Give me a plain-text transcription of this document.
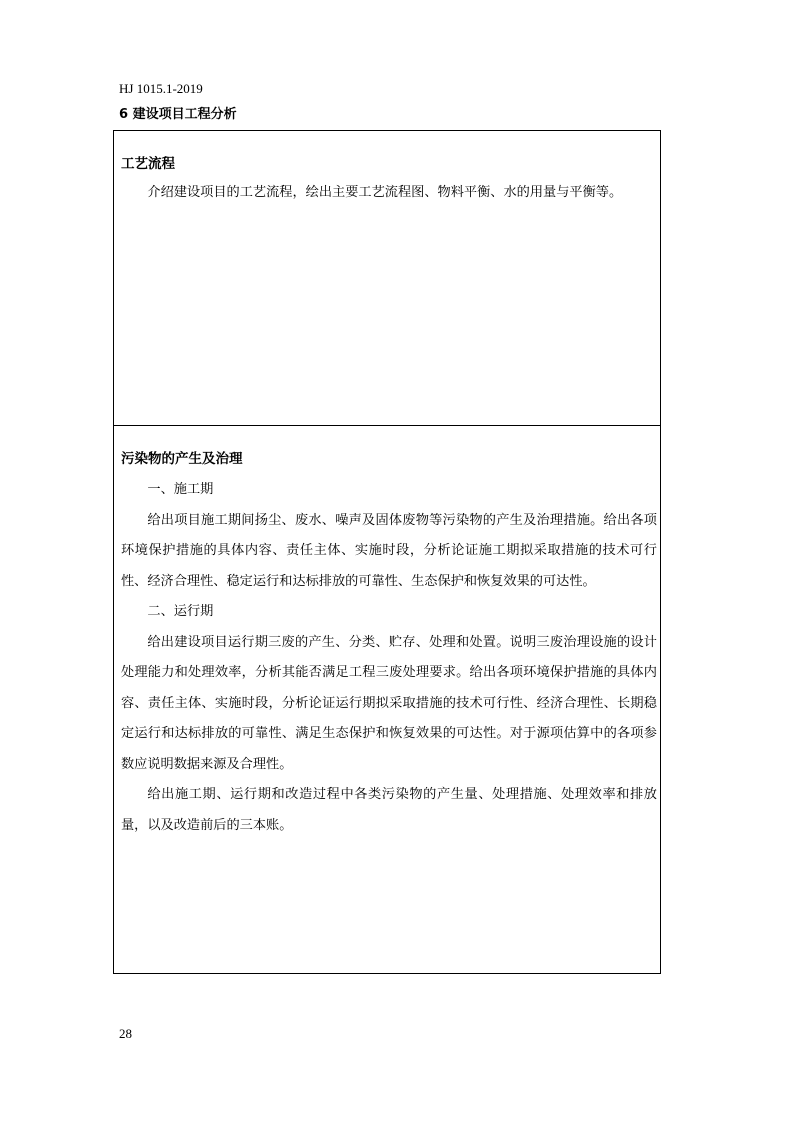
HJ 1015.1-2019
6 建设项目工程分析
工艺流程

介绍建设项目的工艺流程，绘出主要工艺流程图、物料平衡、水的用量与平衡等。

污染物的产生及治理

一、施工期

给出项目施工期间扬尘、废水、噪声及固体废物等污染物的产生及治理措施。给出各项环境保护措施的具体内容、责任主体、实施时段，分析论证施工期拟采取措施的技术可行性、经济合理性、稳定运行和达标排放的可靠性、生态保护和恢复效果的可达性。

二、运行期

给出建设项目运行期三废的产生、分类、贮存、处理和处置。说明三废治理设施的设计处理能力和处理效率，分析其能否满足工程三废处理要求。给出各项环境保护措施的具体内容、责任主体、实施时段，分析论证运行期拟采取措施的技术可行性、经济合理性、长期稳定运行和达标排放的可靠性、满足生态保护和恢复效果的可达性。对于源项估算中的各项参数应说明数据来源及合理性。

给出施工期、运行期和改造过程中各类污染物的产生量、处理措施、处理效率和排放量，以及改造前后的三本账。

28
